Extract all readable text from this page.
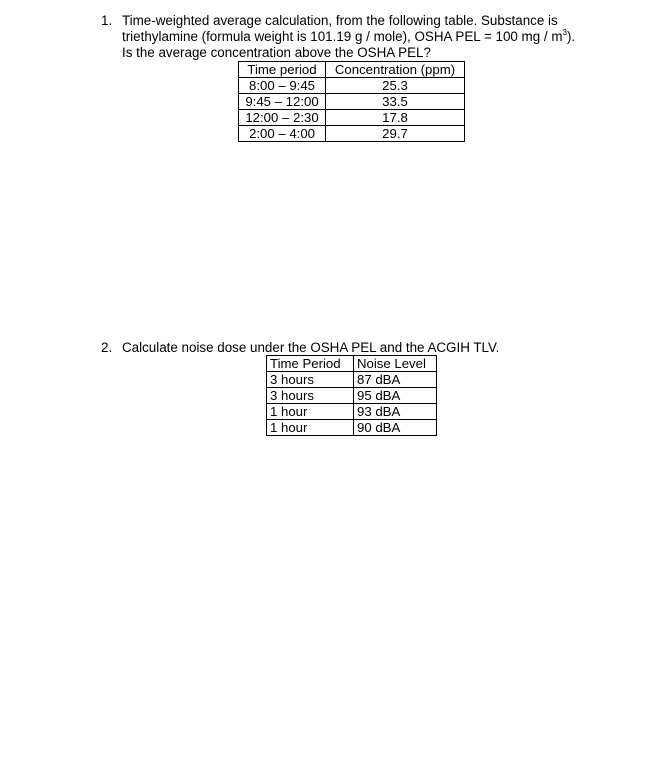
1. Time-weighted average calculation, from the following table. Substance is
triethylamine (formula weight is 101.19 g / mole), OSHA PEL = 100 mg / $m^3$).
Is the average concentration above the OSHA PEL?
Time period	Concentration (ppm)
8:00 – 9:45	25.3
9:45 – 12:00	33.5
12:00 – 2:30	17.8
2:00 – 4:00	29.7
2. Calculate noise dose under the OSHA PEL and the ACGIH TLV.
Time Period	Noise Level
3 hours	87 dBA
3 hours	95 dBA
1 hour	93 dBA
1 hour	90 dBA
